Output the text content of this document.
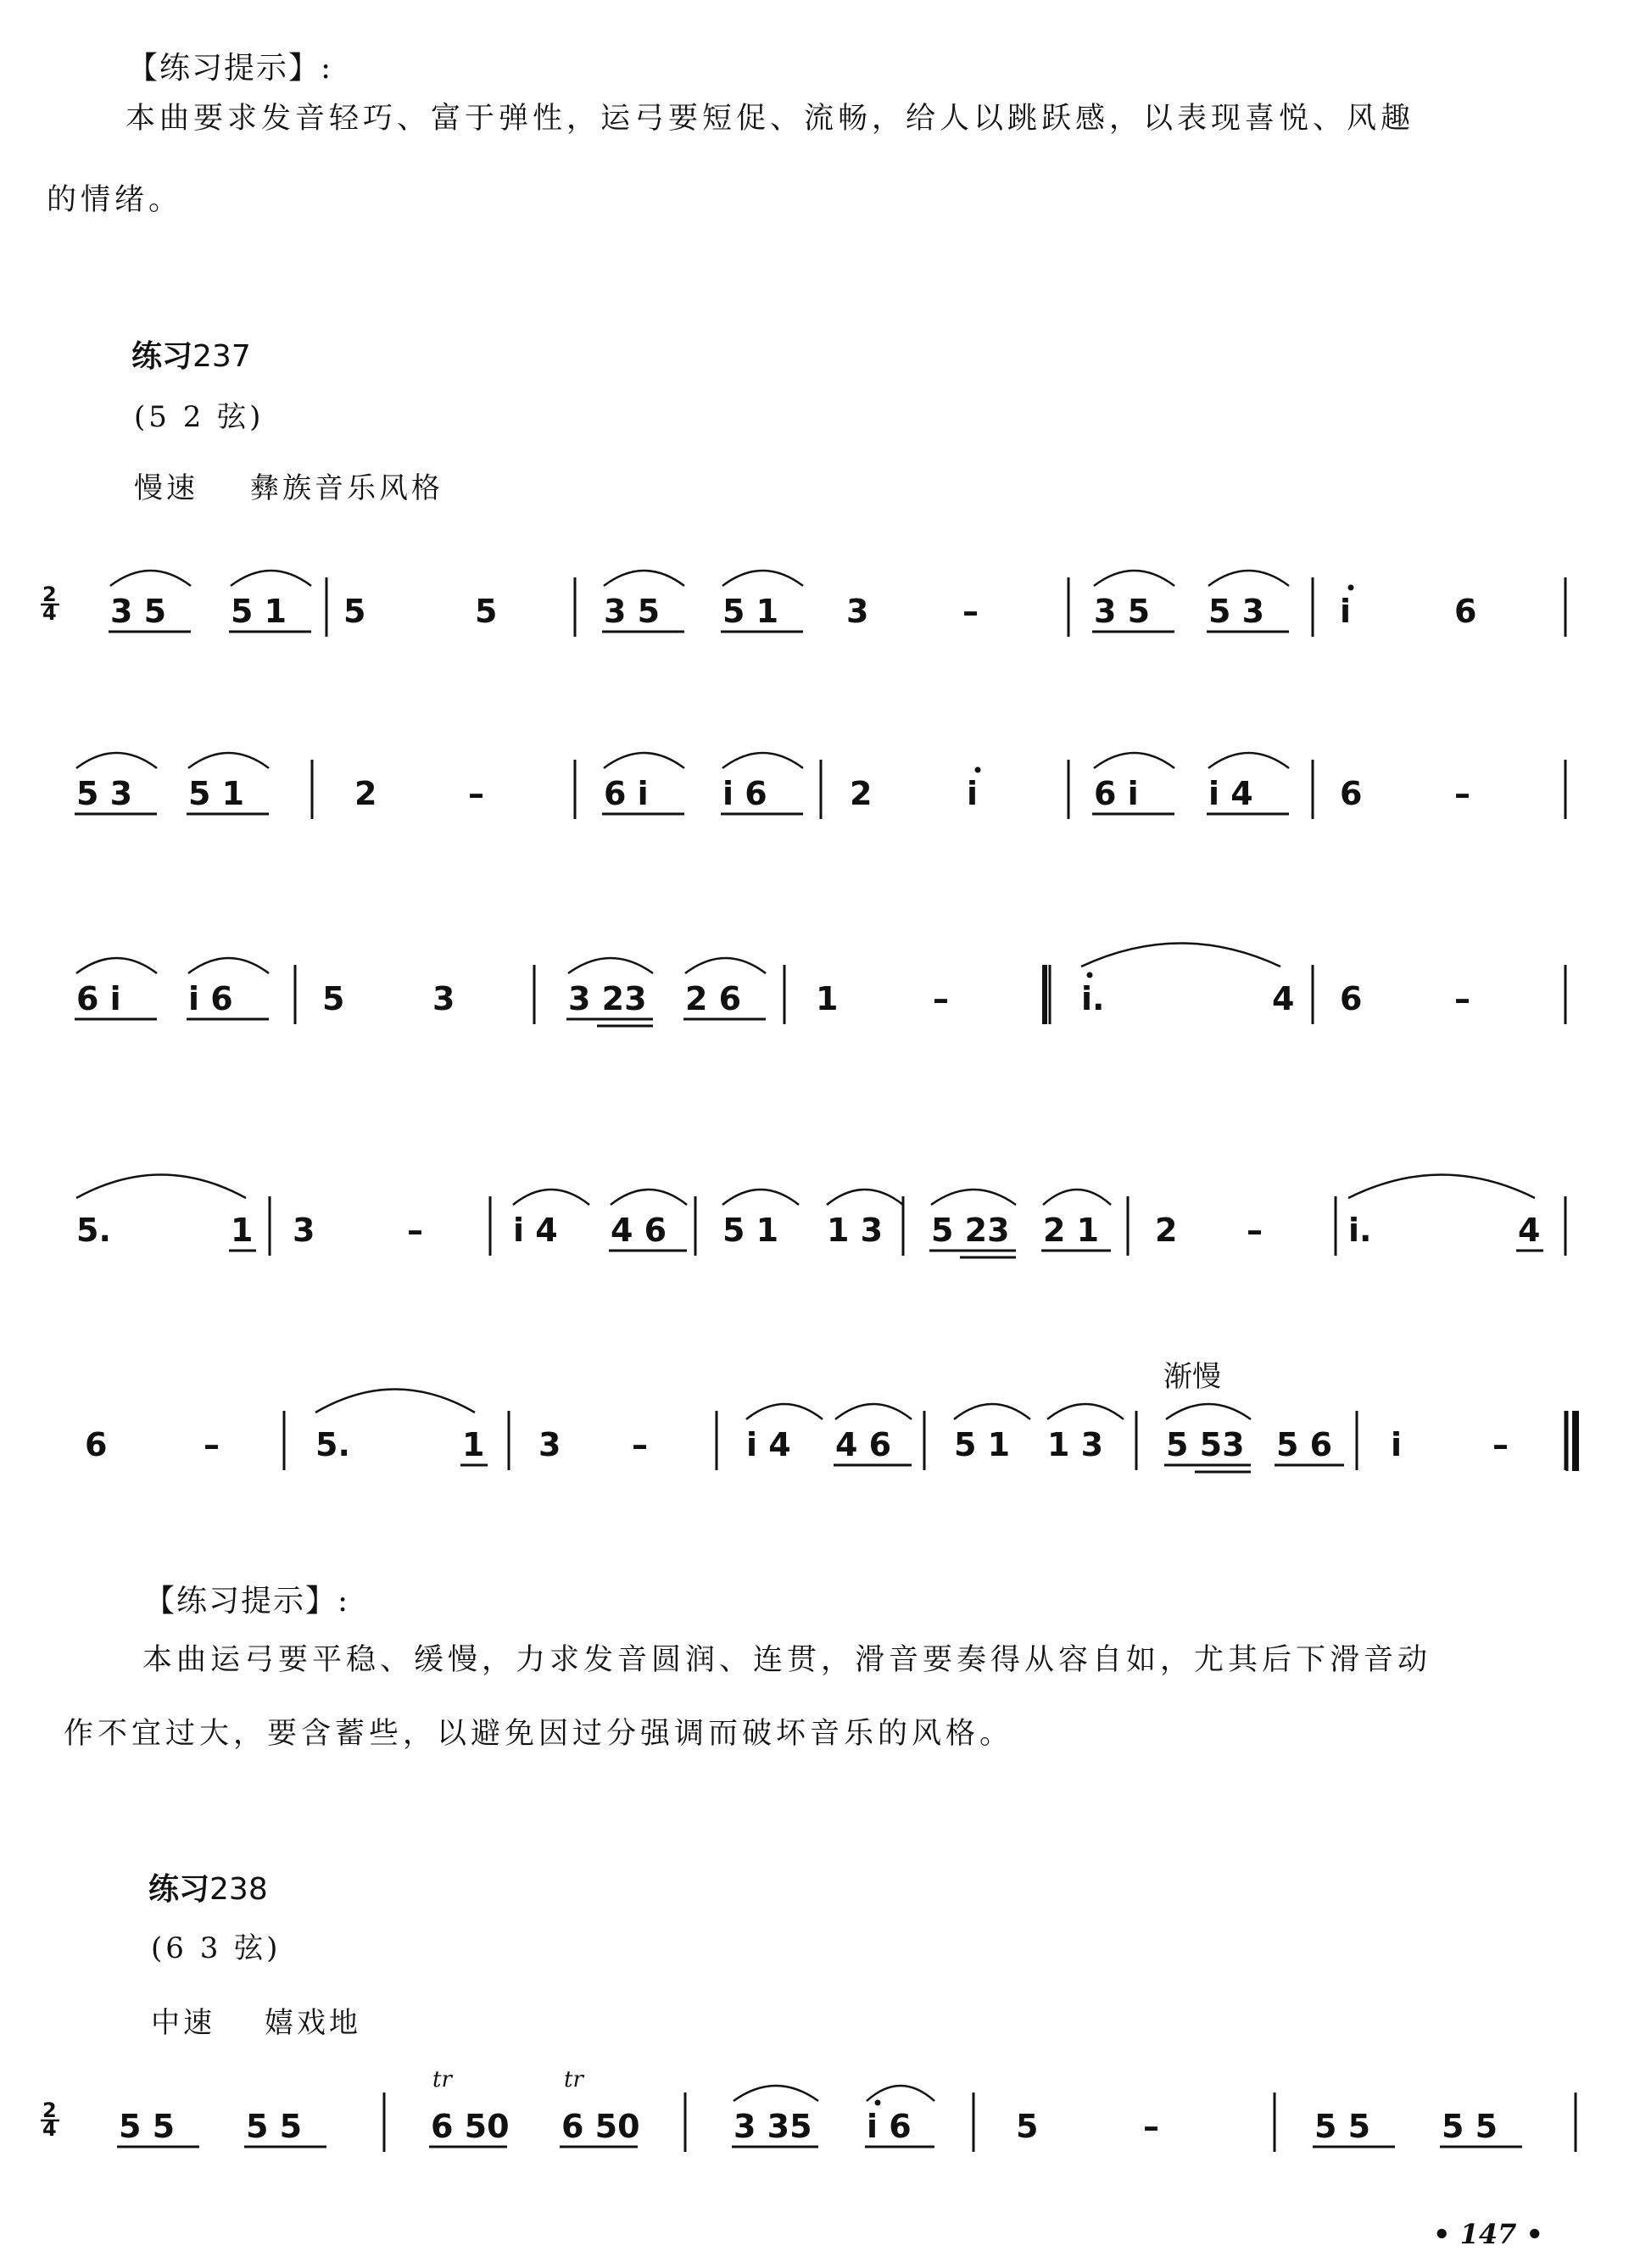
【练习提示】:
本曲要求发音轻巧、富于弹性，运弓要短促、流畅，给人以跳跃感，以表现喜悦、风趣
的情绪。
练习237
(5 2 弦)
慢速 彝族音乐风格
2
4 3 5 5 1 5	5	3 5 5 1 3	–	3 5 5 3 i	6
5 3 5 1	2	–	6 i i 6	2	i	6 i i 4	6	–
6 i i 6	5	3	3 23 2 6 1	–	i.	4 6	–
5.	1 3	–	i 4 4 6 5 1 1 3 5 23 2 1 2 –	i.	4
6	–	5.	1 3 –	i 4 4 6 5 1 1 3 5 53 5 6 i	–
渐慢
【练习提示】:
本曲运弓要平稳、缓慢，力求发音圆润、连贯，滑音要奏得从容自如，尤其后下滑音动
作不宜过大，要含蓄些，以避免因过分强调而破坏音乐的风格。
练习238
(6 3 弦)
中速 嬉戏地
2
4 5 5 5 5	6 50 6 50	3 35 i 6	5	–	5 5 5 5
tr	tr
• 147 •
